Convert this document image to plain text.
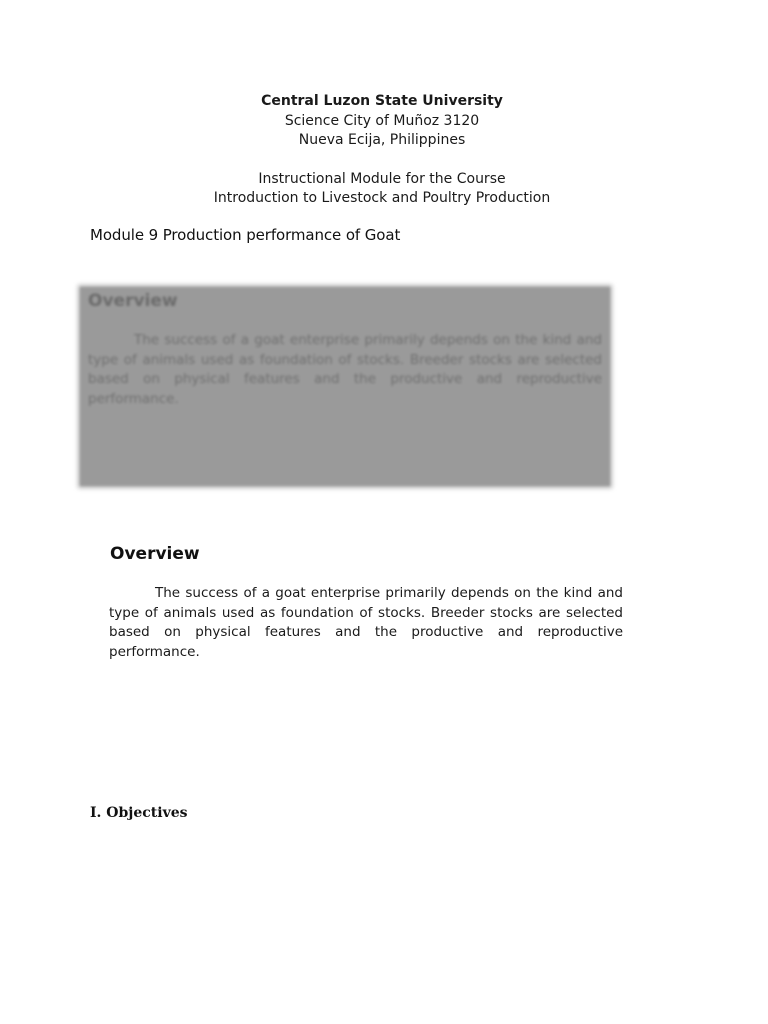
Central Luzon State University
Science City of Muñoz 3120
Nueva Ecija, Philippines
Instructional Module for the Course
Introduction to Livestock and Poultry Production
Module 9 Production performance of Goat
Overview
The success of a goat enterprise primarily depends on the kind and type of animals used as foundation of stocks. Breeder stocks are selected based on physical features and the productive and reproductive performance.
Overview
The success of a goat enterprise primarily depends on the kind and type of animals used as foundation of stocks. Breeder stocks are selected based on physical features and the productive and reproductive performance.
I. Objectives
